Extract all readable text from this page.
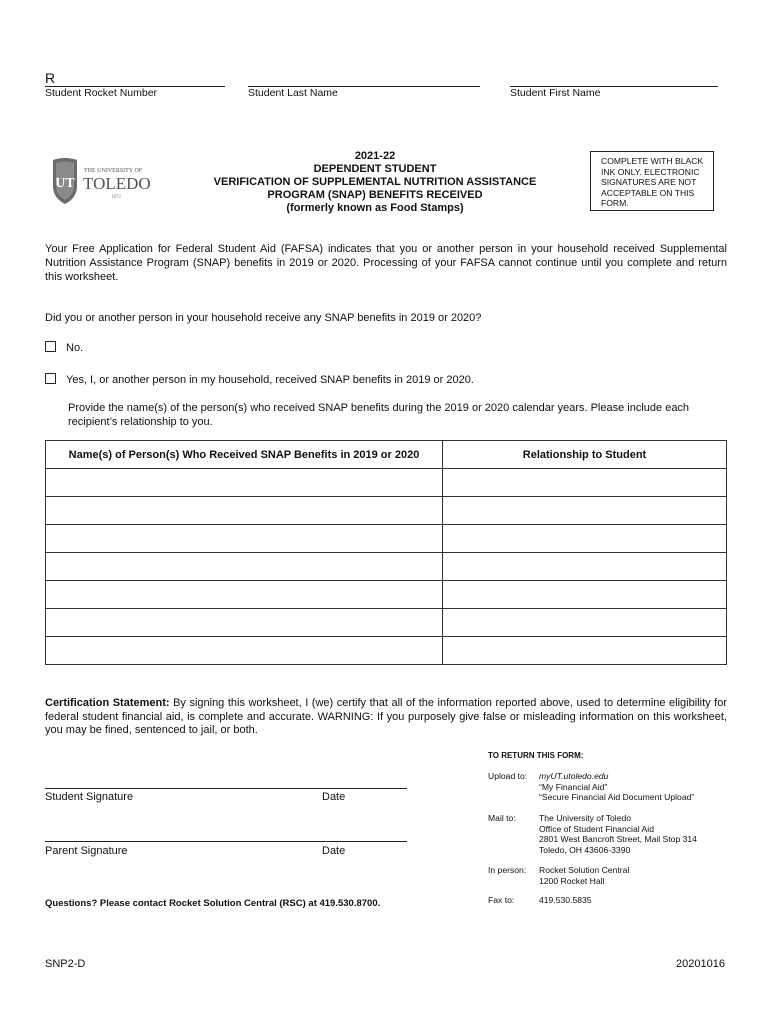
R
Student Rocket Number	Student Last Name	Student First Name
UT
THE UNIVERSITY OF
TOLEDO
1872
2021-22
DEPENDENT STUDENT
VERIFICATION OF SUPPLEMENTAL NUTRITION ASSISTANCE
PROGRAM (SNAP) BENEFITS RECEIVED
(formerly known as Food Stamps)
COMPLETE WITH BLACK INK ONLY. ELECTRONIC SIGNATURES ARE NOT ACCEPTABLE ON THIS FORM.
Your Free Application for Federal Student Aid (FAFSA) indicates that you or another person in your household received Supplemental Nutrition Assistance Program (SNAP) benefits in 2019 or 2020. Processing of your FAFSA cannot continue until you complete and return this worksheet.
Did you or another person in your household receive any SNAP benefits in 2019 or 2020?
No.
Yes, I, or another person in my household, received SNAP benefits in 2019 or 2020.
Provide the name(s) of the person(s) who received SNAP benefits during the 2019 or 2020 calendar years. Please include each recipient’s relationship to you.
Name(s) of Person(s) Who Received SNAP Benefits in 2019 or 2020	Relationship to Student

Certification Statement: By signing this worksheet, I (we) certify that all of the information reported above, used to determine eligibility for federal student financial aid, is complete and accurate. WARNING: If you purposely give false or misleading information on this worksheet, you may be fined, sentenced to jail, or both.
Student Signature	Date
Parent Signature	Date
TO RETURN THIS FORM:
Upload to: myUT.utoledo.edu
“My Financial Aid”
“Secure Financial Aid Document Upload”
Mail to:	The University of Toledo
Office of Student Financial Aid
2801 West Bancroft Street, Mail Stop 314
Toledo, OH 43606-3390
In person: Rocket Solution Central
1200 Rocket Hall
Fax to:	419.530.5835
Questions? Please contact Rocket Solution Central (RSC) at 419.530.8700.
SNP2-D	20201016
